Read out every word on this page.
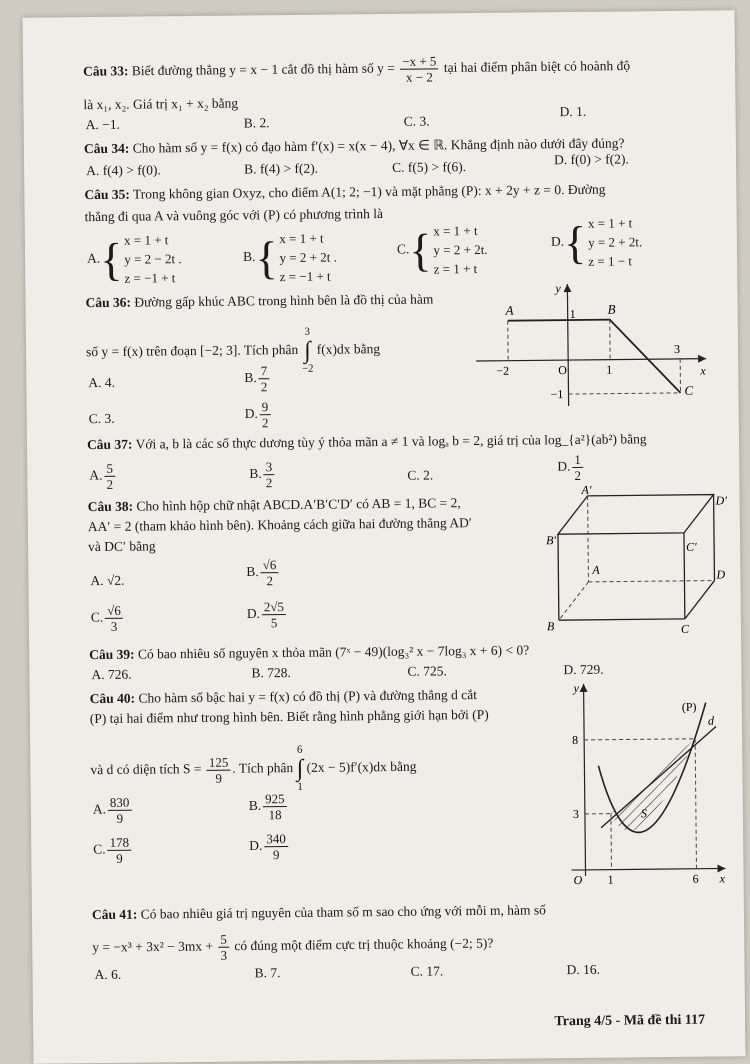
Câu 33: Biết đường thẳng y = x − 1 cắt đồ thị hàm số $y = \frac{-x + 5}{x - 2}$ tại hai điểm phân biệt có hoành độ
là x₁, x₂. Giá trị x₁ + x₂ bằng
A. −1.	B. 2.	C. 3.
D. 1.
Câu 34: Cho hàm số y = f(x) có đạo hàm f′(x) = x(x − 4), ∀x ∈ ℝ. Khẳng định nào dưới đây đúng?
A. f(4) > f(0).	B. f(4) > f(2).	C. f(5) > f(6).	D. f(0) > f(2).
Câu 35: Trong không gian Oxyz, cho điểm A(1; 2; −1) và mặt phẳng (P): x + 2y + z = 0. Đường
thẳng đi qua A và vuông góc với (P) có phương trình là
A.{x = 1 + t
y = 2 − 2t .
z = −1 + t
B.{x = 1 + t
y = 2 + 2t .
z = −1 + t
C.{x = 1 + t
y = 2 + 2t.
z = 1 + t
D.{x = 1 + t
y = 2 + 2t.
z = 1 − t
Câu 36: Đường gấp khúc ABC trong hình bên là đồ thị của hàm
số y = f(x) trên đoạn [−2; 3]. Tích phân
3
∫
−2
f(x)dx bằng
A. 4.	B. $\frac{7}{2}$
C. 3.	D. $\frac{9}{2}$
A	B
C
O	x
y
1
−2
3
−1
1
Câu 37: Với a, b là các số thực dương tùy ý thỏa mãn a ≠ 1 và logₐ b = 2, giá trị của log_{a²}(ab²) bằng
A. $\frac{5}{2}$	B. $\frac{3}{2}$	C. 2.
D. $\frac{1}{2}$
Câu 38: Cho hình hộp chữ nhật ABCD.A′B′C′D′ có AB = 1, BC = 2,
AA′ = 2 (tham khảo hình bên). Khoảng cách giữa hai đường thẳng AD′
và DC′ bằng
A. √2.
B. $\frac{√6}{2}$
C. $\frac{√6}{3}$	D. $\frac{2√5}{5}$
A′
D′
B′	C′
A	D
B	C
Câu 39: Có bao nhiêu số nguyên x thỏa mãn (7ˣ − 49)(log₃² x − 7log₃ x + 6) < 0?
A. 726.	B. 728.	C. 725.	D. 729.
Câu 40: Cho hàm số bậc hai y = f(x) có đồ thị (P) và đường thẳng d cắt
(P) tại hai điểm như trong hình bên. Biết rằng hình phẳng giới hạn bởi (P)
và d có diện tích $S = \frac{125}{9}$ . Tích phân
6
∫
1
(2x − 5)f′(x)dx bằng
A. $\frac{830}{9}$	B. $\frac{925}{18}$
C. $\frac{178}{9}$	D. $\frac{340}{9}$
(P)
d
S
8
3
O 1	6 x
y
Câu 41: Có bao nhiêu giá trị nguyên của tham số m sao cho ứng với mỗi m, hàm số
$y = -x^3 + 3x^2 - 3mx + \frac{5}{3}$ có đúng một điểm cực trị thuộc khoảng (−2; 5)?
A. 6.	B. 7.	C. 17.	D. 16.
Trang 4/5 - Mã đề thi 117
